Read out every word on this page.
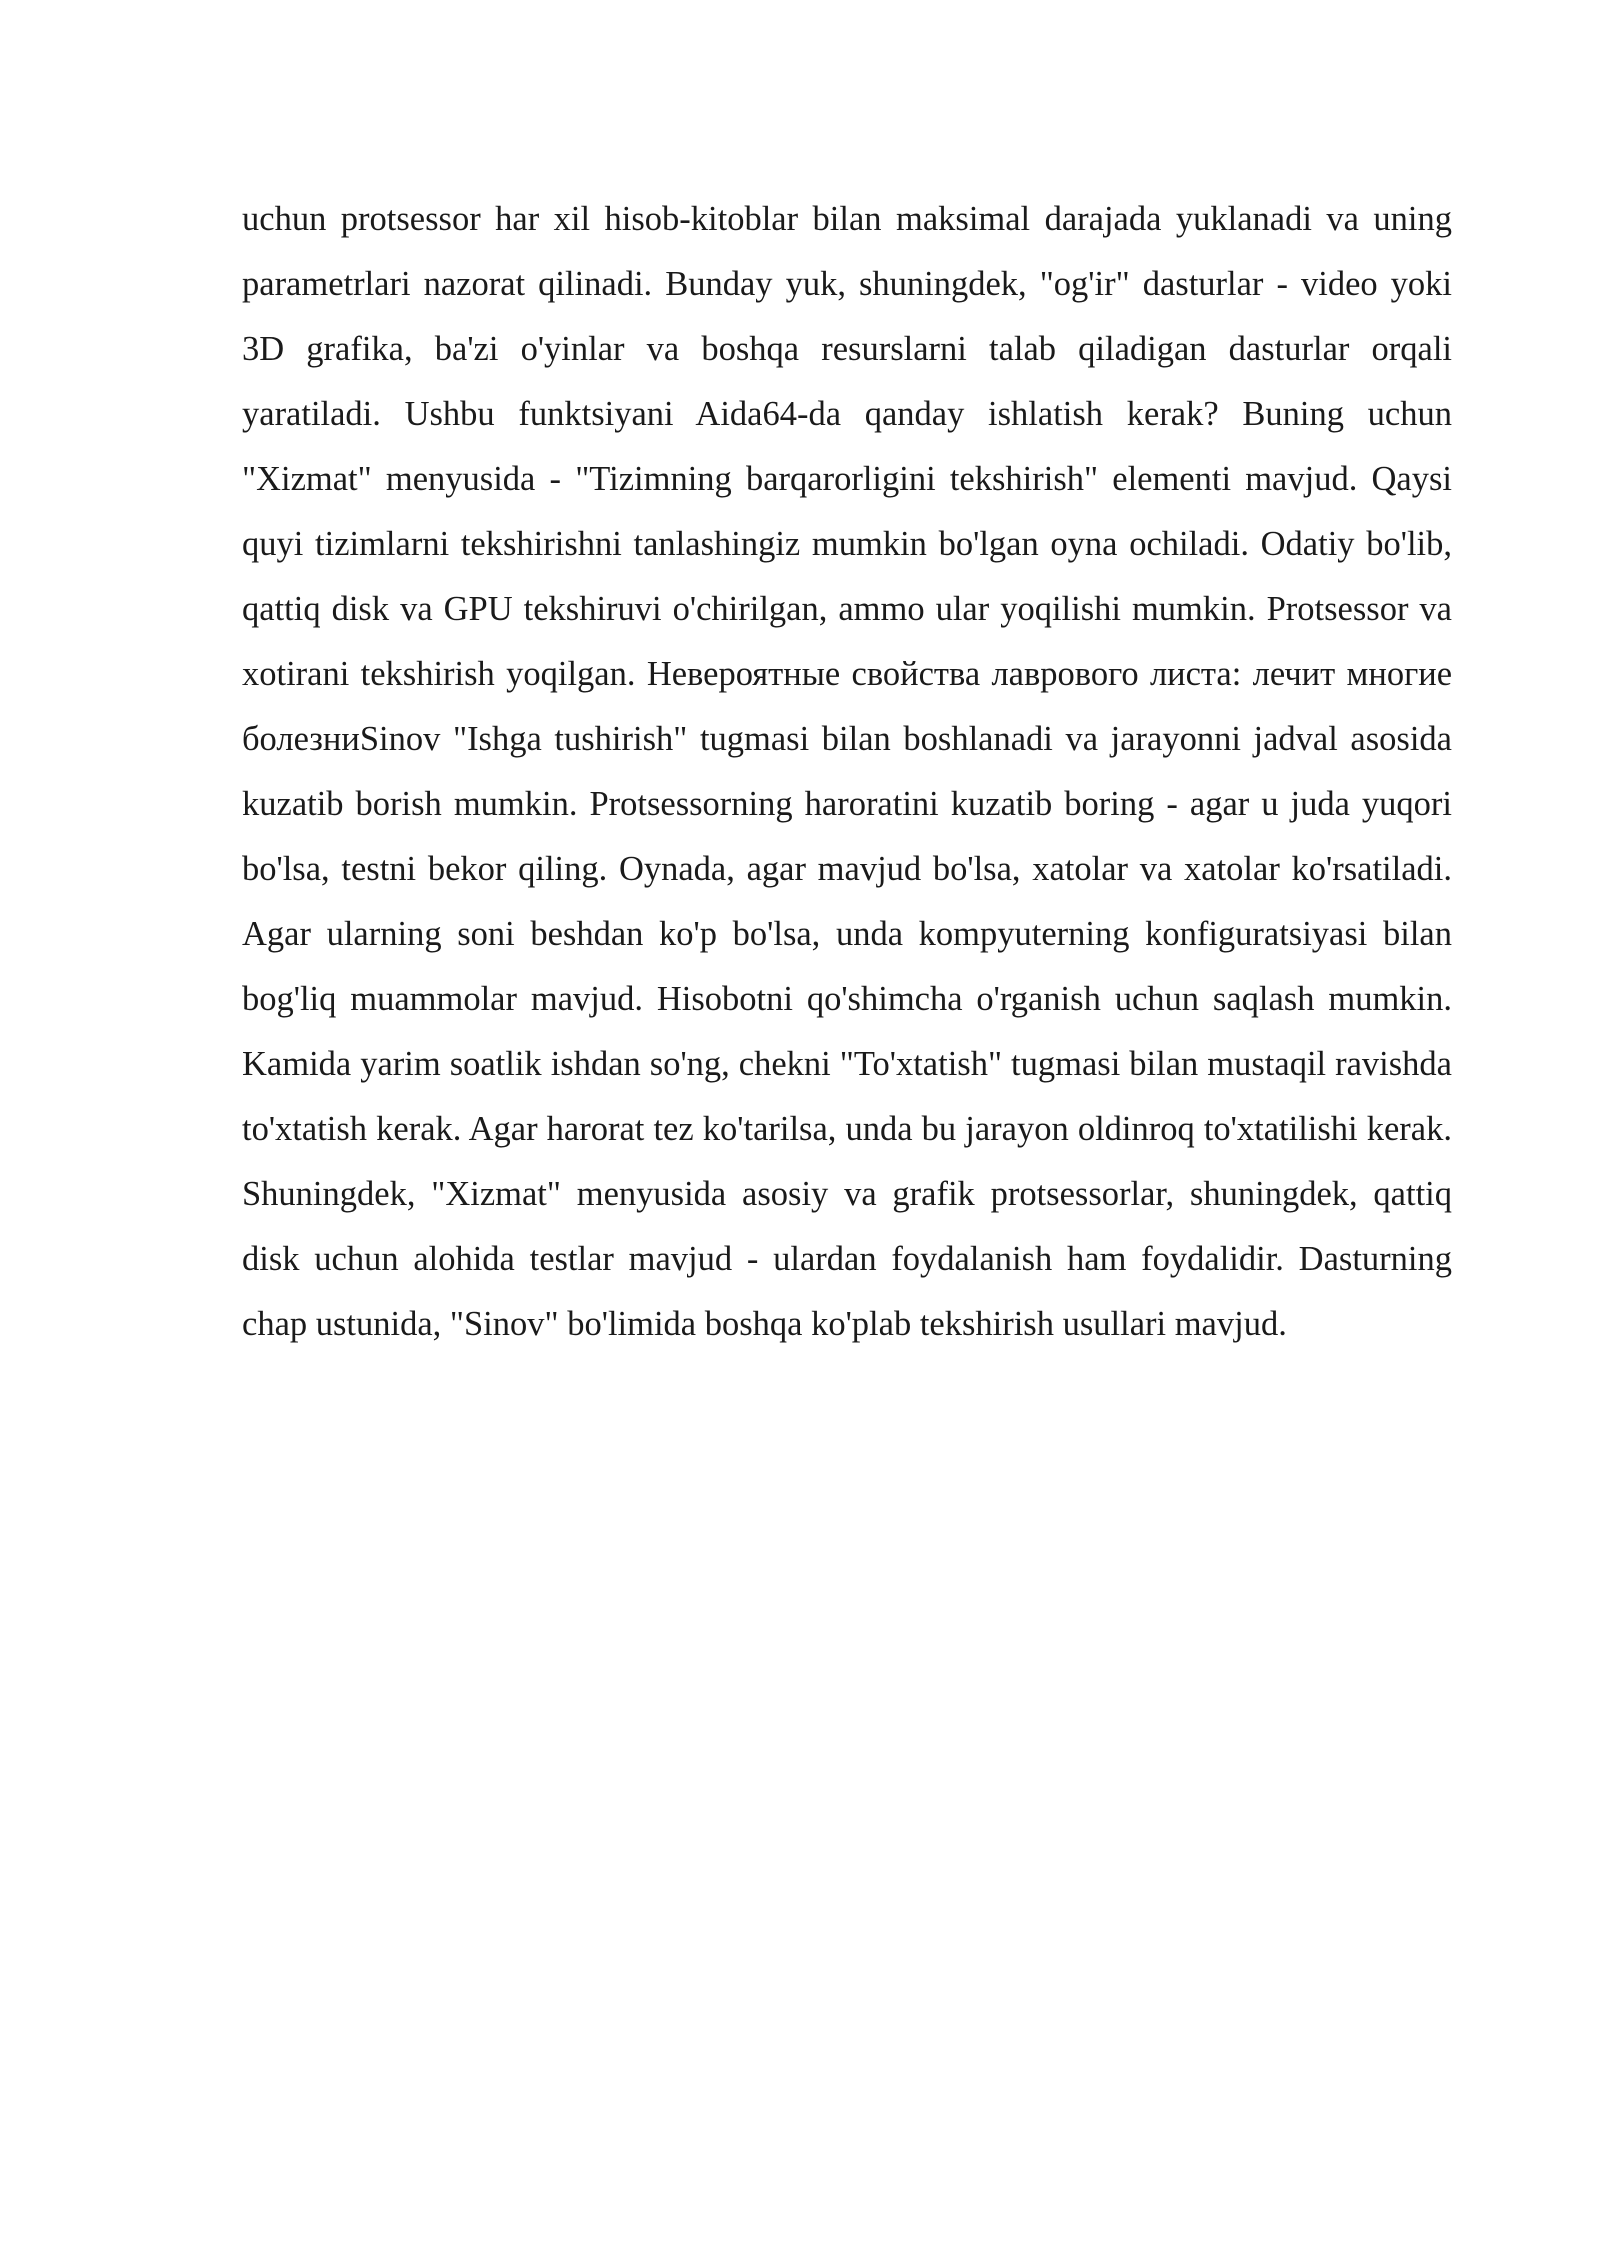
uchun protsessor har xil hisob-kitoblar bilan maksimal darajada yuklanadi va uning parametrlari nazorat qilinadi. Bunday yuk, shuningdek, "og'ir" dasturlar - video yoki 3D grafika, ba'zi o'yinlar va boshqa resurslarni talab qiladigan dasturlar orqali yaratiladi. Ushbu funktsiyani Aida64-da qanday ishlatish kerak? Buning uchun "Xizmat" menyusida - "Tizimning barqarorligini tekshirish" elementi mavjud. Qaysi quyi tizimlarni tekshirishni tanlashingiz mumkin bo'lgan oyna ochiladi. Odatiy bo'lib, qattiq disk va GPU tekshiruvi o'chirilgan, ammo ular yoqilishi mumkin. Protsessor va xotirani tekshirish yoqilgan. Невероятные свойства лаврового листа: лечит многие болезниSinov "Ishga tushirish" tugmasi bilan boshlanadi va jarayonni jadval asosida kuzatib borish mumkin. Protsessorning haroratini kuzatib boring - agar u juda yuqori bo'lsa, testni bekor qiling. Oynada, agar mavjud bo'lsa, xatolar va xatolar ko'rsatiladi. Agar ularning soni beshdan ko'p bo'lsa, unda kompyuterning konfiguratsiyasi bilan bog'liq muammolar mavjud. Hisobotni qo'shimcha o'rganish uchun saqlash mumkin. Kamida yarim soatlik ishdan so'ng, chekni "To'xtatish" tugmasi bilan mustaqil ravishda to'xtatish kerak. Agar harorat tez ko'tarilsa, unda bu jarayon oldinroq to'xtatilishi kerak. Shuningdek, "Xizmat" menyusida asosiy va grafik protsessorlar, shuningdek, qattiq disk uchun alohida testlar mavjud - ulardan foydalanish ham foydalidir. Dasturning chap ustunida, "Sinov" bo'limida boshqa ko'plab tekshirish usullari mavjud.
